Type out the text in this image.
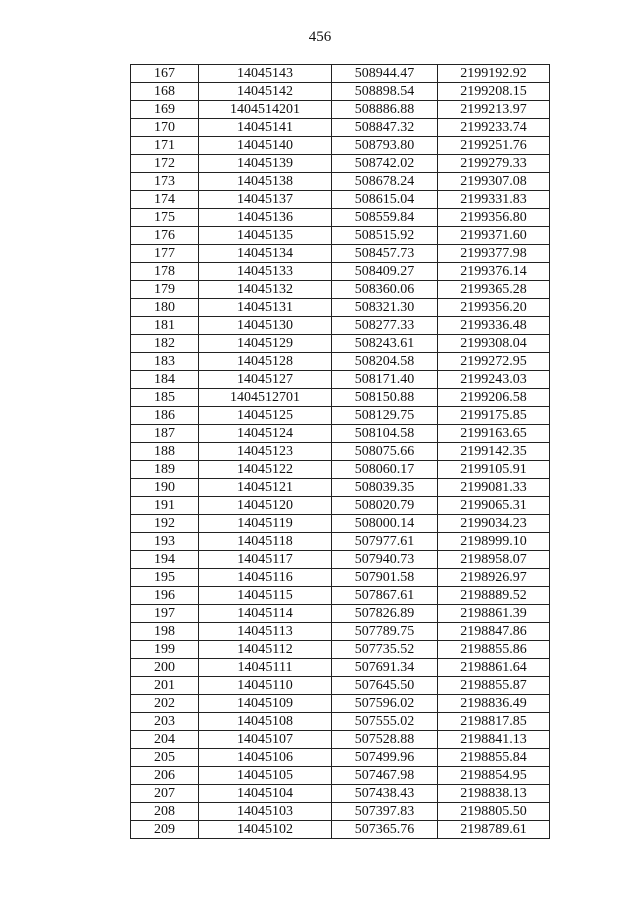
456
167	14045143	508944.47	2199192.92
168	14045142	508898.54	2199208.15
169	1404514201	508886.88	2199213.97
170	14045141	508847.32	2199233.74
171	14045140	508793.80	2199251.76
172	14045139	508742.02	2199279.33
173	14045138	508678.24	2199307.08
174	14045137	508615.04	2199331.83
175	14045136	508559.84	2199356.80
176	14045135	508515.92	2199371.60
177	14045134	508457.73	2199377.98
178	14045133	508409.27	2199376.14
179	14045132	508360.06	2199365.28
180	14045131	508321.30	2199356.20
181	14045130	508277.33	2199336.48
182	14045129	508243.61	2199308.04
183	14045128	508204.58	2199272.95
184	14045127	508171.40	2199243.03
185	1404512701	508150.88	2199206.58
186	14045125	508129.75	2199175.85
187	14045124	508104.58	2199163.65
188	14045123	508075.66	2199142.35
189	14045122	508060.17	2199105.91
190	14045121	508039.35	2199081.33
191	14045120	508020.79	2199065.31
192	14045119	508000.14	2199034.23
193	14045118	507977.61	2198999.10
194	14045117	507940.73	2198958.07
195	14045116	507901.58	2198926.97
196	14045115	507867.61	2198889.52
197	14045114	507826.89	2198861.39
198	14045113	507789.75	2198847.86
199	14045112	507735.52	2198855.86
200	14045111	507691.34	2198861.64
201	14045110	507645.50	2198855.87
202	14045109	507596.02	2198836.49
203	14045108	507555.02	2198817.85
204	14045107	507528.88	2198841.13
205	14045106	507499.96	2198855.84
206	14045105	507467.98	2198854.95
207	14045104	507438.43	2198838.13
208	14045103	507397.83	2198805.50
209	14045102	507365.76	2198789.61
